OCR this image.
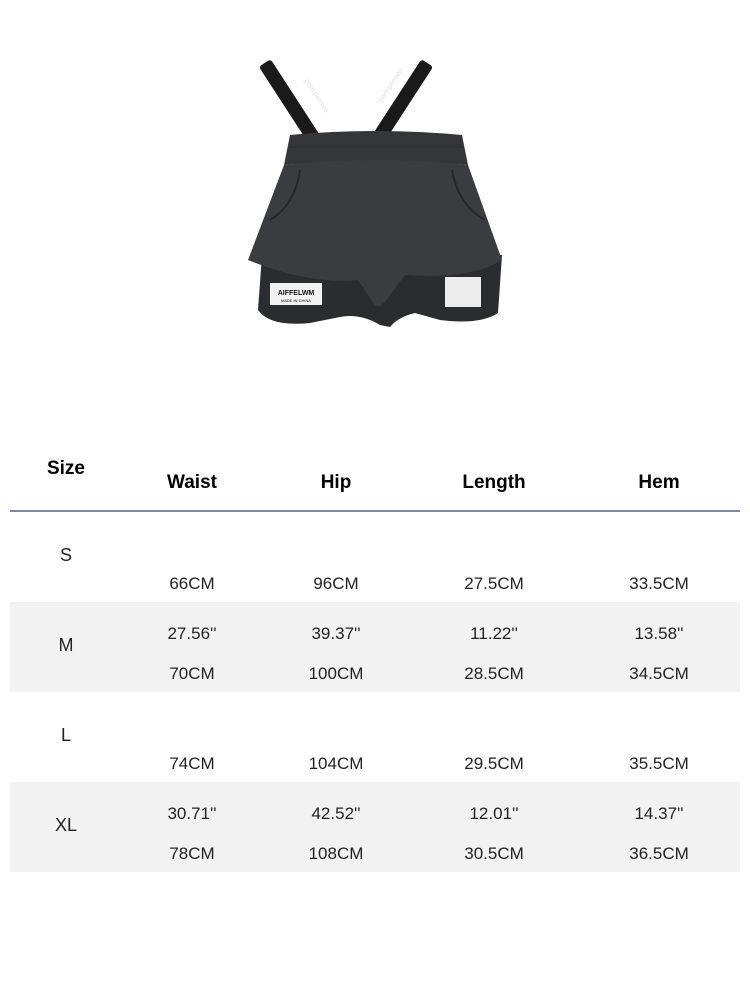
pom pensée	pom pensée
AIFFELWM
MADE IN CHINA
Size
Waist	Hip	Length	Hem
S
66CM	96CM	27.5CM	33.5CM
M
27.56''	39.37''	11.22''	13.58''
70CM	100CM	28.5CM	34.5CM
L
74CM	104CM	29.5CM	35.5CM
XL
30.71''	42.52''	12.01''	14.37''
78CM	108CM	30.5CM	36.5CM
